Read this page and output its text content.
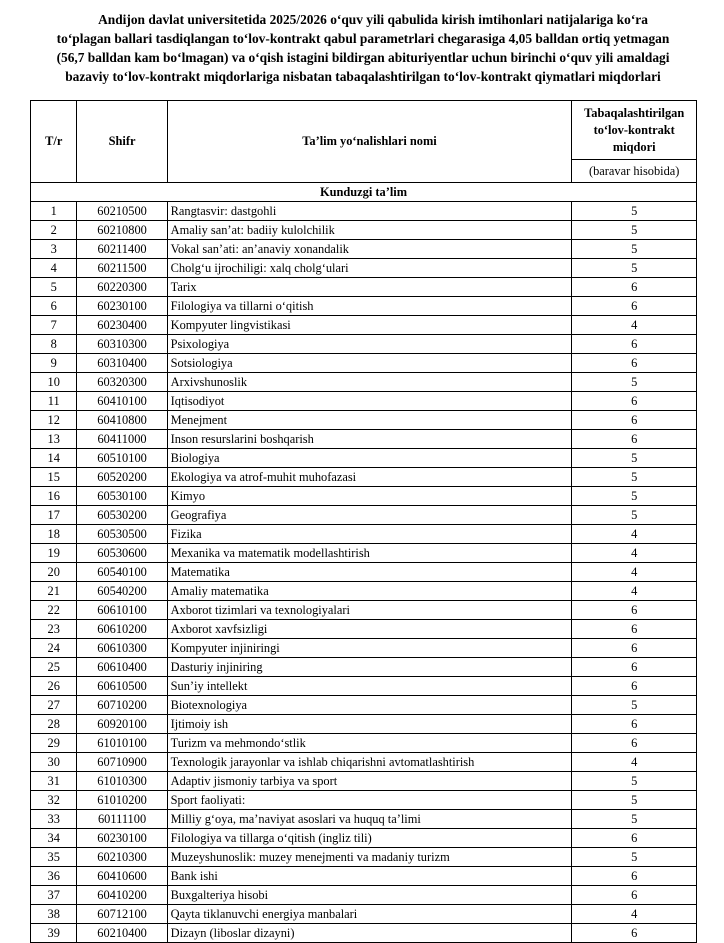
Andijon davlat universitetida 2025/2026 o‘quv yili qabulida kirish imtihonlari natijalariga ko‘ra
to‘plagan ballari tasdiqlangan to‘lov-kontrakt qabul parametrlari chegarasiga 4,05 balldan ortiq yetmagan
(56,7 balldan kam bo‘lmagan) va o‘qish istagini bildirgan abituriyentlar uchun birinchi o‘quv yili amaldagi
bazaviy to‘lov-kontrakt miqdorlariga nisbatan tabaqalashtirilgan to‘lov-kontrakt qiymatlari miqdorlari
T/r	Shifr	Ta’lim yo‘nalishlari nomi	Tabaqalashtirilgan to‘lov-kontrakt miqdori
			(baravar hisobida)
Kunduzgi ta’lim			
1	60210500	Rangtasvir: dastgohli	5
2	60210800	Amaliy san’at: badiiy kulolchilik	5
3	60211400	Vokal san’ati: an’anaviy xonandalik	5
4	60211500	Cholg‘u ijrochiligi: xalq cholg‘ulari	5
5	60220300	Tarix	6
6	60230100	Filologiya va tillarni o‘qitish	6
7	60230400	Kompyuter lingvistikasi	4
8	60310300	Psixologiya	6
9	60310400	Sotsiologiya	6
10	60320300	Arxivshunoslik	5
11	60410100	Iqtisodiyot	6
12	60410800	Menejment	6
13	60411000	Inson resurslarini boshqarish	6
14	60510100	Biologiya	5
15	60520200	Ekologiya va atrof-muhit muhofazasi	5
16	60530100	Kimyo	5
17	60530200	Geografiya	5
18	60530500	Fizika	4
19	60530600	Mexanika va matematik modellashtirish	4
20	60540100	Matematika	4
21	60540200	Amaliy matematika	4
22	60610100	Axborot tizimlari va texnologiyalari	6
23	60610200	Axborot xavfsizligi	6
24	60610300	Kompyuter injiniringi	6
25	60610400	Dasturiy injiniring	6
26	60610500	Sun’iy intellekt	6
27	60710200	Biotexnologiya	5
28	60920100	Ijtimoiy ish	6
29	61010100	Turizm va mehmondo‘stlik	6
30	60710900	Texnologik jarayonlar va ishlab chiqarishni avtomatlashtirish	4
31	61010300	Adaptiv jismoniy tarbiya va sport	5
32	61010200	Sport faoliyati:	5
33	60111100	Milliy g‘oya, ma’naviyat asoslari va huquq ta’limi	5
34	60230100	Filologiya va tillarga o‘qitish (ingliz tili)	6
35	60210300	Muzeyshunoslik: muzey menejmenti va madaniy turizm	5
36	60410600	Bank ishi	6
37	60410200	Buxgalteriya hisobi	6
38	60712100	Qayta tiklanuvchi energiya manbalari	4
39	60210400	Dizayn (liboslar dizayni)	6
